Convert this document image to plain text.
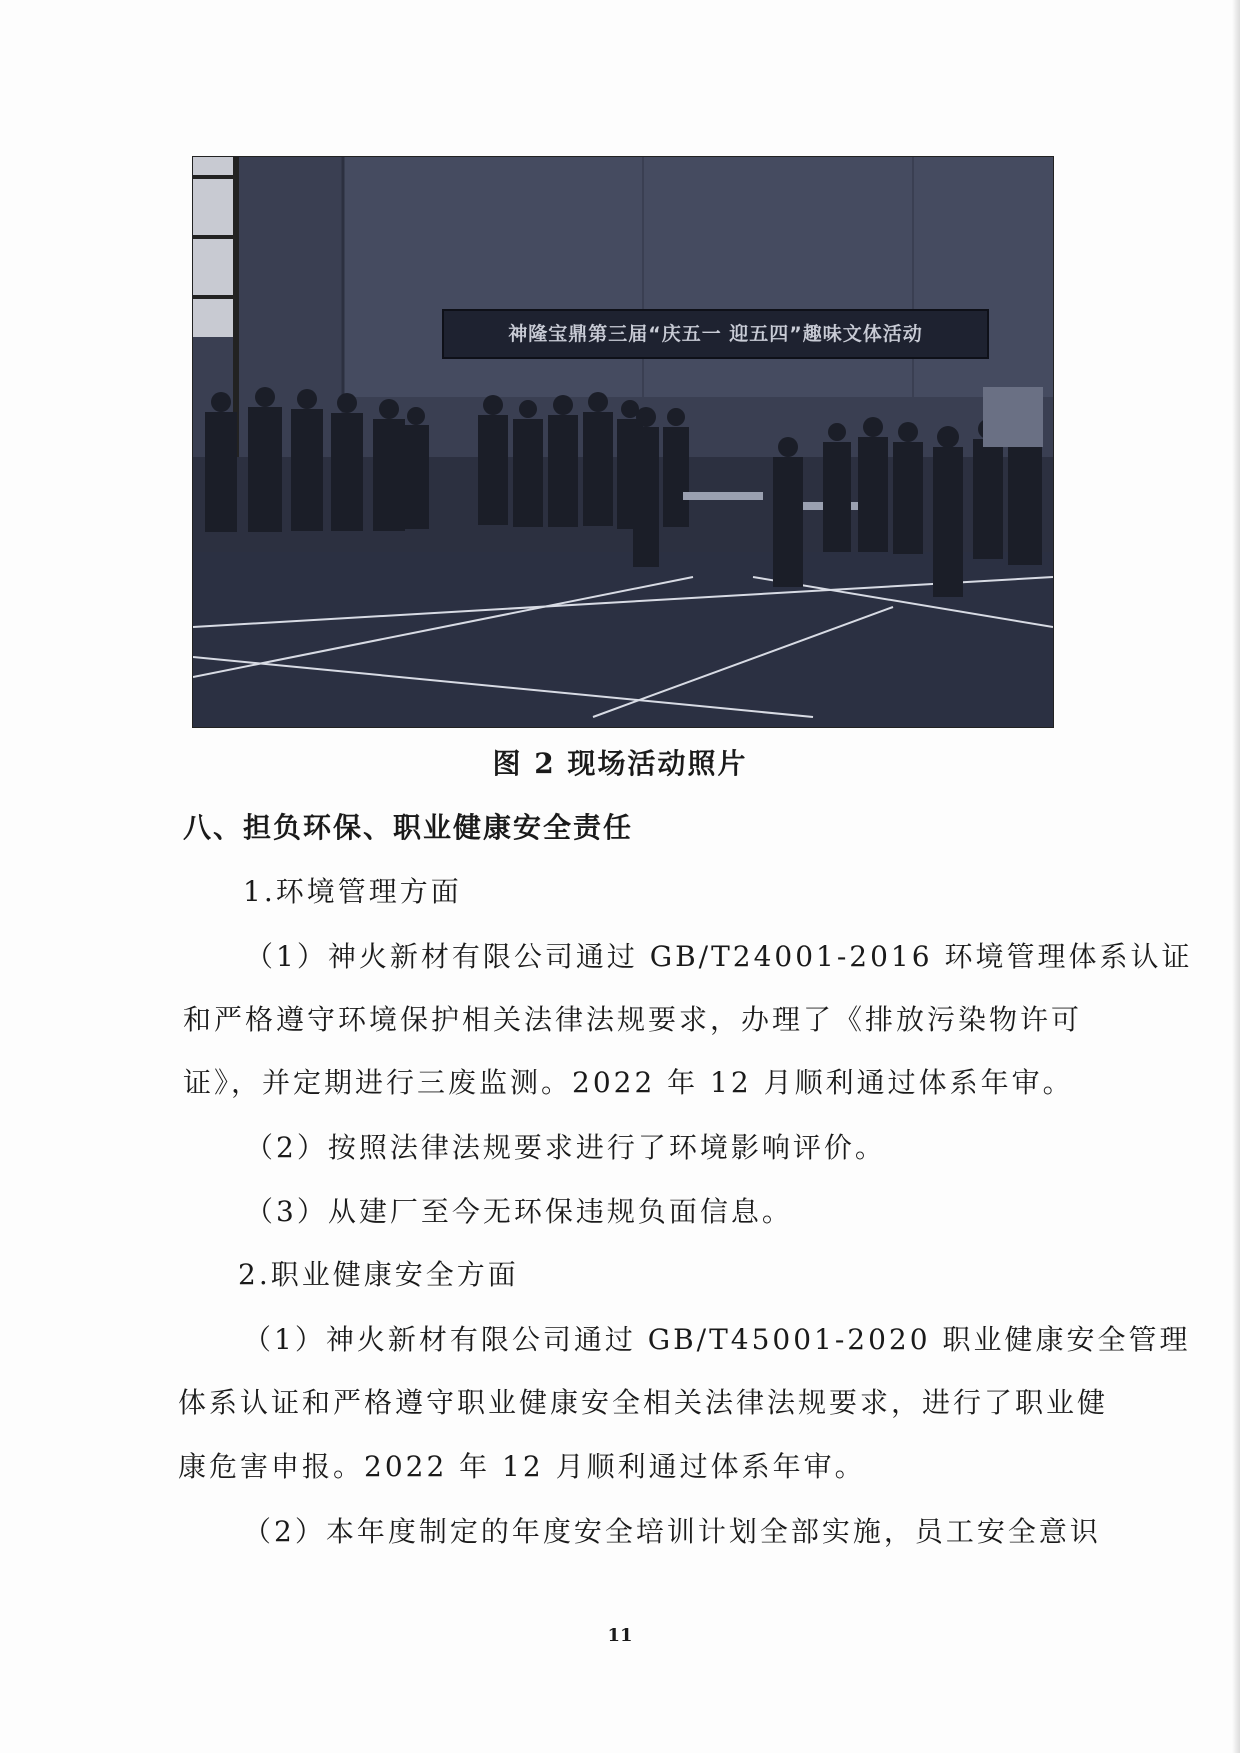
神隆宝鼎第三届“庆五一 迎五四”趣味文体活动
图 2 现场活动照片
八、担负环保、职业健康安全责任
1.环境管理方面
（1）神火新材有限公司通过 GB/T24001-2016 环境管理体系认证
和严格遵守环境保护相关法律法规要求，办理了《排放污染物许可
证》，并定期进行三废监测。2022 年 12 月顺利通过体系年审。
（2）按照法律法规要求进行了环境影响评价。
（3）从建厂至今无环保违规负面信息。
2.职业健康安全方面
（1）神火新材有限公司通过 GB/T45001-2020 职业健康安全管理
体系认证和严格遵守职业健康安全相关法律法规要求，进行了职业健
康危害申报。2022 年 12 月顺利通过体系年审。
（2）本年度制定的年度安全培训计划全部实施，员工安全意识
11
